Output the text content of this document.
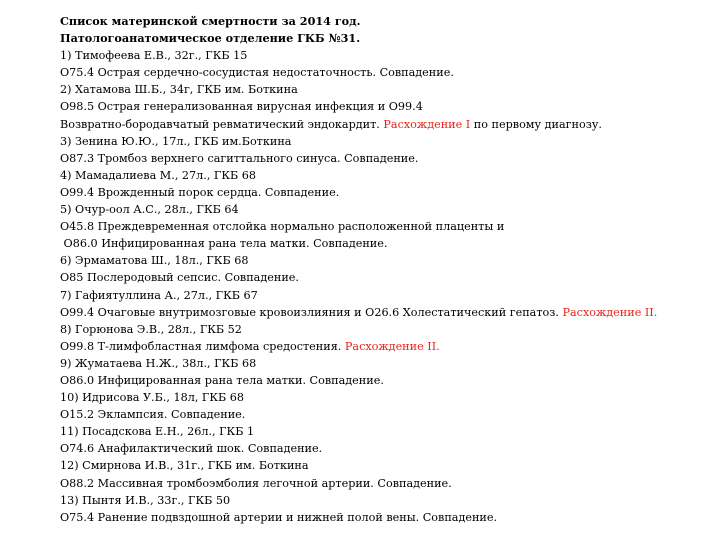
Список материнской смертности за 2014 год.
Патологоанатомическое отделение ГКБ №31.
1) Тимофеева Е.В., 32г., ГКБ 15
О75.4 Острая сердечно-сосудистая недостаточность. Совпадение.
2) Хатамова Ш.Б., 34г, ГКБ им. Боткина
О98.5 Острая генерализованная вирусная инфекция и О99.4
Возвратно-бородавчатый ревматический эндокардит. Расхождение I по первому диагнозу.
3) Зенина Ю.Ю., 17л., ГКБ им.Боткина
О87.3 Тромбоз верхнего сагиттального синуса. Совпадение.
4) Мамадалиева М., 27л., ГКБ 68
О99.4 Врожденный порок сердца. Совпадение.
5) Очур-оол А.С., 28л., ГКБ 64
О45.8 Преждевременная отслойка нормально расположенной плаценты и
О86.0 Инфицированная рана тела матки. Совпадение.
6) Эрмаматова Ш., 18л., ГКБ 68
О85 Послеродовый сепсис. Совпадение.
7) Гафиятуллина А., 27л., ГКБ 67
О99.4 Очаговые внутримозговые кровоизлияния и О26.6 Холестатический гепатоз. Расхождение II.
8) Горюнова Э.В., 28л., ГКБ 52
О99.8 Т-лимфобластная лимфома средостения. Расхождение II.
9) Жуматаева Н.Ж., 38л., ГКБ 68
О86.0 Инфицированная рана тела матки. Совпадение.
10) Идрисова У.Б., 18л, ГКБ 68
О15.2 Эклампсия. Совпадение.
11) Посадскова Е.Н., 26л., ГКБ 1
О74.6 Анафилактический шок. Совпадение.
12) Смирнова И.В., 31г., ГКБ им. Боткина
О88.2 Массивная тромбоэмболия легочной артерии. Совпадение.
13) Пынтя И.В., 33г., ГКБ 50
О75.4 Ранение подвздошной артерии и нижней полой вены. Совпадение.
